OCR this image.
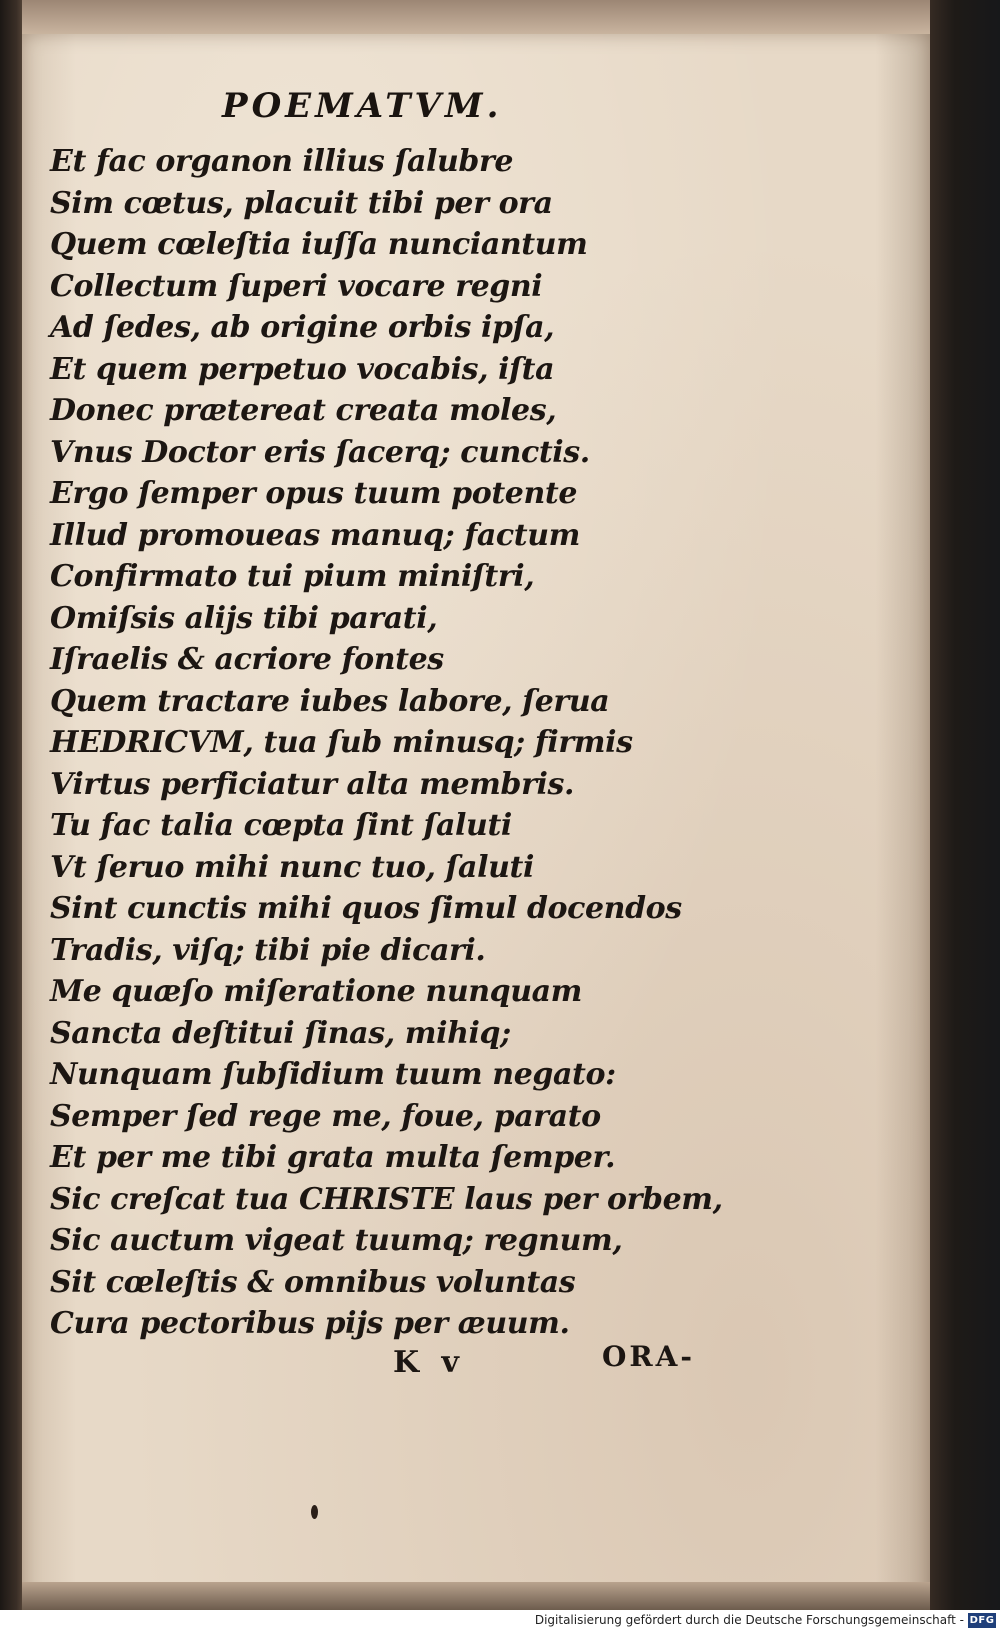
POEMATVM.
Et fac organon illius ſalubre
Sim cœtus, placuit tibi per ora
Quem cœleſtia iuſſa nunciantum
Collectum ſuperi vocare regni
Ad ſedes, ab origine orbis ipſa,
Et quem perpetuo vocabis, iſta
Donec prætereat creata moles,
Vnus Doctor eris ſacerq; cunctis.
Ergo ſemper opus tuum potente
Illud promoueas manuq; factum
Confirmato tui pium miniſtri,
Omiſsis alijs tibi parati,
Iſraelis & acriore fontes
Quem tractare iubes labore, ſerua
HEDRICVM, tua ſub minusq; firmis
Virtus perficiatur alta membris.
Tu fac talia cœpta ſint ſaluti
Vt ſeruo mihi nunc tuo, ſaluti
Sint cunctis mihi quos ſimul docendos
Tradis, viſq; tibi pie dicari.
Me quæſo miſeratione nunquam
Sancta deſtitui ſinas, mihiq;
Nunquam ſubſidium tuum negato:
Semper ſed rege me, foue, parato
Et per me tibi grata multa ſemper.
Sic creſcat tua CHRISTE laus per orbem,
Sic auctum vigeat tuumq; regnum,
Sit cœleſtis & omnibus voluntas
Cura pectoribus pijs per æuum.
K v	ORA-
Digitalisierung gefördert durch die Deutsche Forschungsgemeinschaft - DFG
